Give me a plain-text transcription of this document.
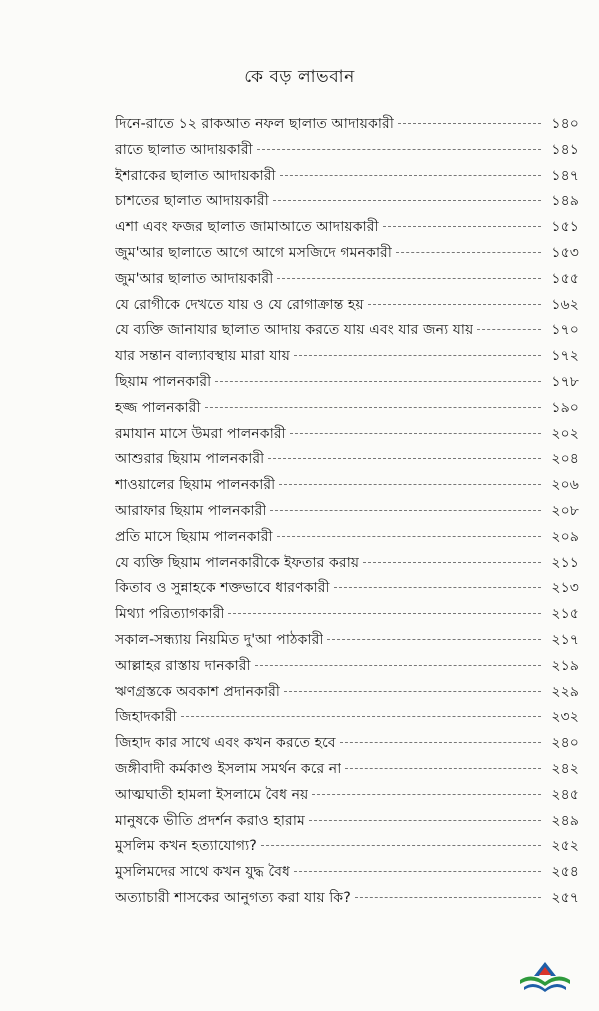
কে বড় লাভবান
দিনে-রাতে ১২ রাকআত নফল ছালাত আদায়কারী	১৪০
রাতে ছালাত আদায়কারী	১৪১
ইশরাকের ছালাত আদায়কারী	১৪৭
চাশতের ছালাত আদায়কারী	১৪৯
এশা এবং ফজর ছালাত জামাআতে আদায়কারী	১৫১
জুম'আর ছালাতে আগে আগে মসজিদে গমনকারী	১৫৩
জুম'আর ছালাত আদায়কারী	১৫৫
যে রোগীকে দেখতে যায় ও যে রোগাক্রান্ত হয়	১৬২
যে ব্যক্তি জানাযার ছালাত আদায় করতে যায় এবং যার জন্য যায়	১৭০
যার সন্তান বাল্যাবস্থায় মারা যায়	১৭২
ছিয়াম পালনকারী	১৭৮
হজ্জ পালনকারী	১৯০
রমাযান মাসে উমরা পালনকারী	২০২
আশুরার ছিয়াম পালনকারী	২০৪
শাওয়ালের ছিয়াম পালনকারী	২০৬
আরাফার ছিয়াম পালনকারী	২০৮
প্রতি মাসে ছিয়াম পালনকারী	২০৯
যে ব্যক্তি ছিয়াম পালনকারীকে ইফতার করায়	২১১
কিতাব ও সুন্নাহকে শক্তভাবে ধারণকারী	২১৩
মিথ্যা পরিত্যাগকারী	২১৫
সকাল-সন্ধ্যায় নিয়মিত দু'আ পাঠকারী	২১৭
আল্লাহর রাস্তায় দানকারী	২১৯
ঋণগ্রস্তকে অবকাশ প্রদানকারী	২২৯
জিহাদকারী	২৩২
জিহাদ কার সাথে এবং কখন করতে হবে	২৪০
জঙ্গীবাদী কর্মকাণ্ড ইসলাম সমর্থন করে না	২৪২
আত্মঘাতী হামলা ইসলামে বৈধ নয়	২৪৫
মানুষকে ভীতি প্রদর্শন করাও হারাম	২৪৯
মুসলিম কখন হত্যাযোগ্য?	২৫২
মুসলিমদের সাথে কখন যুদ্ধ বৈধ	২৫৪
অত্যাচারী শাসকের আনুগত্য করা যায় কি?	২৫৭
